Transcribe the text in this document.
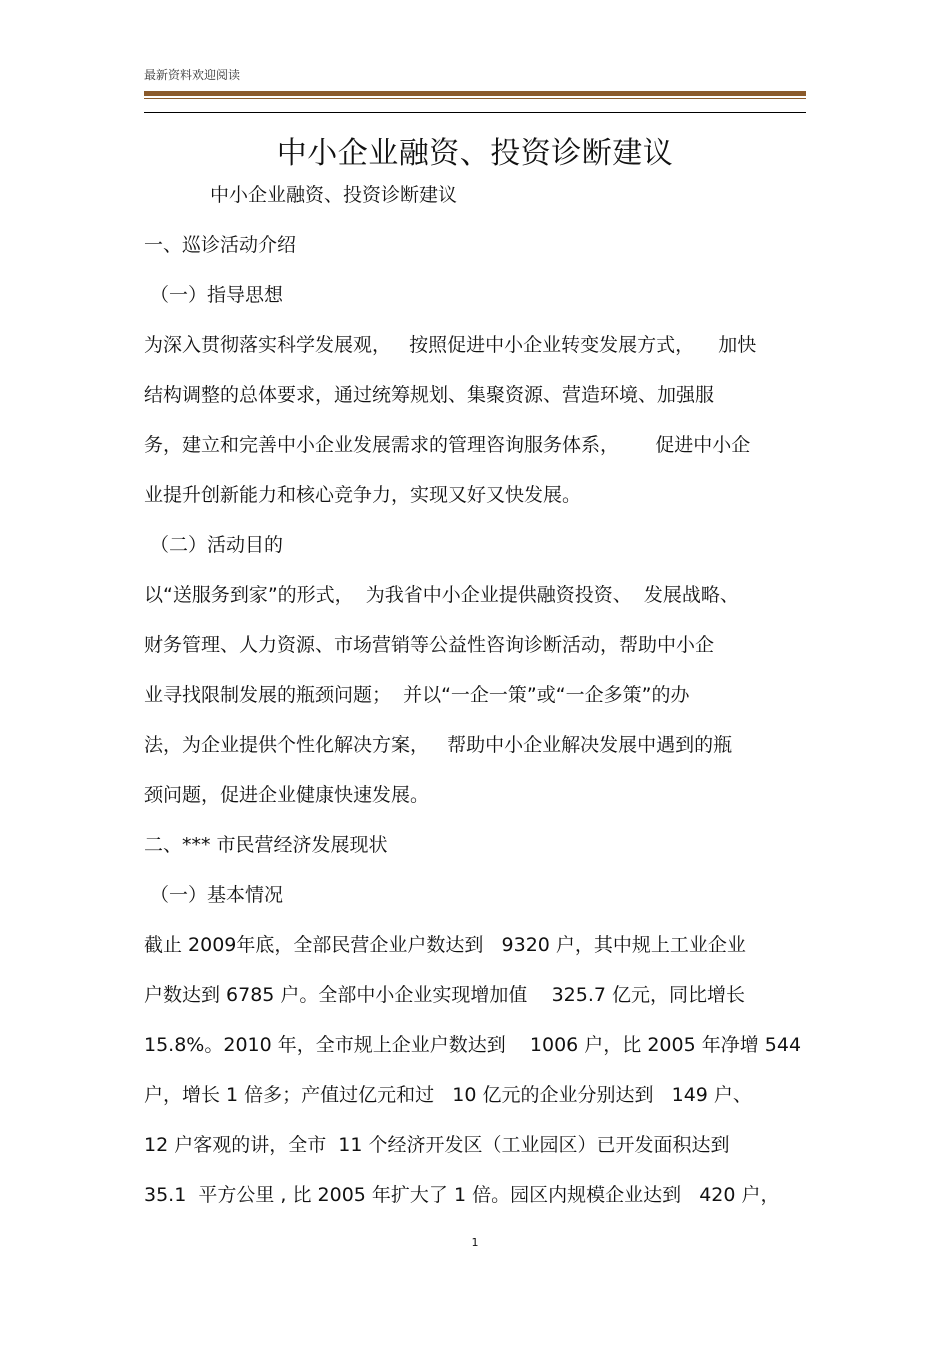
最新资料欢迎阅读
中小企业融资、投资诊断建议
中小企业融资、投资诊断建议
一、巡诊活动介绍
（一）指导思想
为深入贯彻落实科学发展观，   按照促进中小企业转变发展方式，    加快
结构调整的总体要求，通过统筹规划、集聚资源、营造环境、加强服
务，建立和完善中小企业发展需求的管理咨询服务体系，      促进中小企
业提升创新能力和核心竞争力，实现又好又快发展。
（二）活动目的
以“送服务到家”的形式，  为我省中小企业提供融资投资、  发展战略、
财务管理、人力资源、市场营销等公益性咨询诊断活动，帮助中小企
业寻找限制发展的瓶颈问题；  并以“一企一策”或“一企多策”的办
法，为企业提供个性化解决方案，   帮助中小企业解决发展中遇到的瓶
颈问题，促进企业健康快速发展。
二、*** 市民营经济发展现状
（一）基本情况
截止 2009年底，全部民营企业户数达到   9320 户，其中规上工业企业
户数达到 6785 户。全部中小企业实现增加值    325.7 亿元，同比增长
15.8%。2010 年，全市规上企业户数达到    1006 户，比 2005 年净增 544
户，增长 1 倍多；产值过亿元和过   10 亿元的企业分别达到   149 户、
12 户客观的讲，全市  11 个经济开发区（工业园区）已开发面积达到
35.1  平方公里 , 比 2005 年扩大了 1 倍。园区内规模企业达到   420 户，
1
